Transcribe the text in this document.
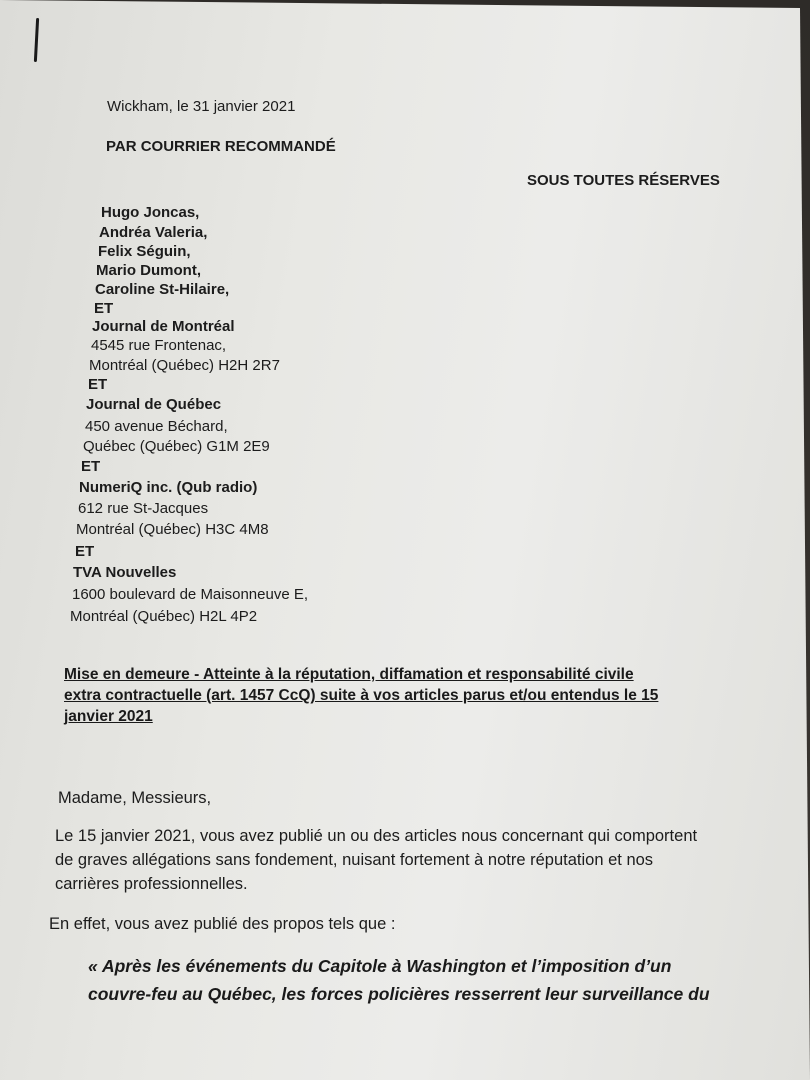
Wickham, le 31 janvier 2021
PAR COURRIER RECOMMANDÉ
SOUS TOUTES RÉSERVES
Hugo Joncas,
Andréa Valeria,
Felix Séguin,
Mario Dumont,
Caroline St-Hilaire,
ET
Journal de Montréal
4545 rue Frontenac,
Montréal (Québec) H2H 2R7
ET
Journal de Québec
450 avenue Béchard,
Québec (Québec) G1M 2E9
ET
NumeriQ inc. (Qub radio)
612 rue St-Jacques
Montréal (Québec) H3C 4M8
ET
TVA Nouvelles
1600 boulevard de Maisonneuve E,
Montréal (Québec) H2L 4P2
Mise en demeure - Atteinte à la réputation, diffamation et responsabilité civile
extra contractuelle (art. 1457 CcQ) suite à vos articles parus et/ou entendus le 15
janvier 2021
Madame, Messieurs,
Le 15 janvier 2021, vous avez publié un ou des articles nous concernant qui comportent
de graves allégations sans fondement, nuisant fortement à notre réputation et nos
carrières professionnelles.
En effet, vous avez publié des propos tels que :
« Après les événements du Capitole à Washington et l’imposition d’un
couvre-feu au Québec, les forces policières resserrent leur surveillance du
